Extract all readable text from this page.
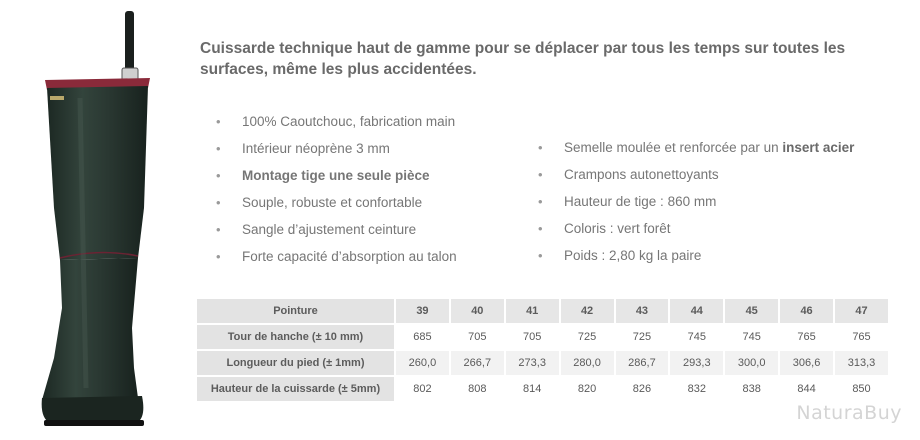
Cuissarde technique haut de gamme pour se déplacer par tous les temps sur toutes les surfaces, même les plus accidentées.

• 100% Caoutchouc, fabrication main
• Intérieur néoprène 3 mm
• Montage tige une seule pièce
• Souple, robuste et confortable
• Sangle d’ajustement ceinture
• Forte capacité d’absorption au talon
• Semelle moulée et renforcée par un insert acier
• Crampons autonettoyants
• Hauteur de tige : 860 mm
• Coloris : vert forêt
• Poids : 2,80 kg la paire
Pointure	39	40	41	42	43	44	45	46	47
Tour de hanche (± 10 mm)	685	705	705	725	725	745	745	765	765
Longueur du pied (± 1mm)	260,0	266,7	273,3	280,0	286,7	293,3	300,0	306,6	313,3
Hauteur de la cuissarde (± 5mm)	802	808	814	820	826	832	838	844	850
NaturaBuy
